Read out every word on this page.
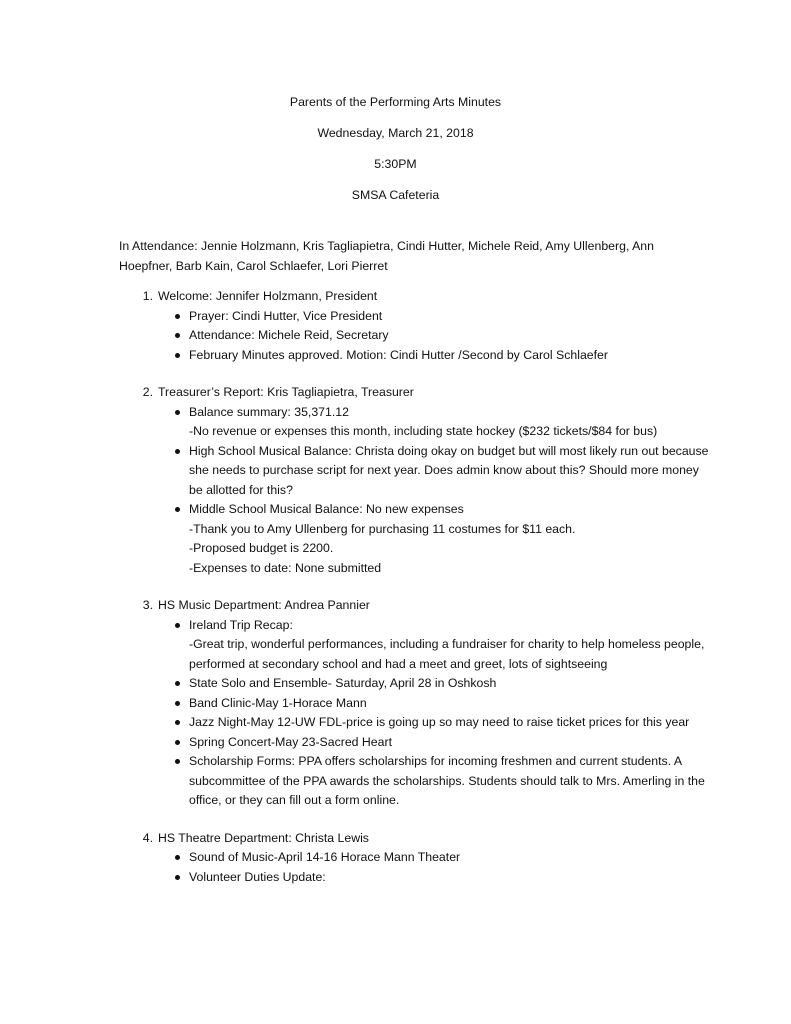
Parents of the Performing Arts Minutes
Wednesday, March 21, 2018
5:30PM
SMSA Cafeteria

In Attendance: Jennie Holzmann, Kris Tagliapietra, Cindi Hutter, Michele Reid, Amy Ullenberg, Ann Hoepfner, Barb Kain, Carol Schlaefer, Lori Pierret

1. Welcome: Jennifer Holzmann, President
Prayer: Cindi Hutter, Vice President
Attendance: Michele Reid, Secretary
February Minutes approved. Motion: Cindi Hutter /Second by Carol Schlaefer
2. Treasurer’s Report: Kris Tagliapietra, Treasurer
Balance summary: 35,371.12
-No revenue or expenses this month, including state hockey ($232 tickets/$84 for bus)
High School Musical Balance: Christa doing okay on budget but will most likely run out because she needs to purchase script for next year. Does admin know about this? Should more money be allotted for this?
Middle School Musical Balance: No new expenses
-Thank you to Amy Ullenberg for purchasing 11 costumes for $11 each.
-Proposed budget is 2200.
-Expenses to date: None submitted
3. HS Music Department: Andrea Pannier
Ireland Trip Recap:
-Great trip, wonderful performances, including a fundraiser for charity to help homeless people, performed at secondary school and had a meet and greet, lots of sightseeing
State Solo and Ensemble- Saturday, April 28 in Oshkosh
Band Clinic-May 1-Horace Mann
Jazz Night-May 12-UW FDL-price is going up so may need to raise ticket prices for this year
Spring Concert-May 23-Sacred Heart
Scholarship Forms: PPA offers scholarships for incoming freshmen and current students. A subcommittee of the PPA awards the scholarships. Students should talk to Mrs. Amerling in the office, or they can fill out a form online.
4. HS Theatre Department: Christa Lewis
Sound of Music-April 14-16 Horace Mann Theater
Volunteer Duties Update:
